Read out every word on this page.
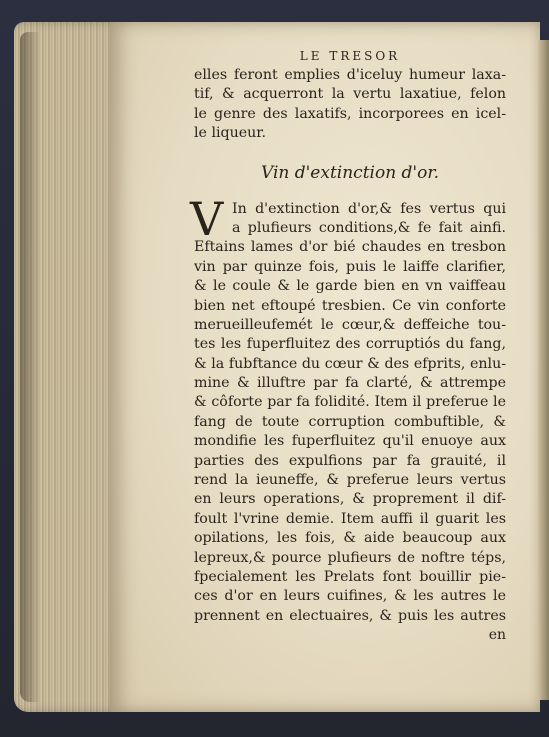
LE TRESOR
elles feront emplies d'iceluy humeur laxa-
tif, & acquerront la vertu laxatiue, felon
le genre des laxatifs, incorporees en icel-
le liqueur.
Vin d'extinction d'or.
V In d'extinction d'or,& fes vertus qui
a plufieurs conditions,& fe fait ainfi.
Eftains lames d'or bié chaudes en tresbon
vin par quinze fois, puis le laiffe clarifier,
& le coule & le garde bien en vn vaiffeau
bien net eftoupé tresbien. Ce vin conforte
merueilleufemét le cœur,& deffeiche tou-
tes les fuperfluitez des corruptiós du fang,
& la fubftance du cœur & des efprits, enlu-
mine & illuftre par fa clarté, & attrempe
& côforte par fa folidité. Item il preferue le
fang de toute corruption combuftible, &
mondifie les fuperfluitez qu'il enuoye aux
parties des expulfions par fa grauité, il
rend la ieuneffe, & preferue leurs vertus
en leurs operations, & proprement il dif-
foult l'vrine demie. Item auffi il guarit les
opilations, les fois, & aide beaucoup aux
lepreux,& pource plufieurs de noftre téps,
fpecialement les Prelats font bouillir pie-
ces d'or en leurs cuifines, & les autres le
prennent en electuaires, & puis les autres
en
